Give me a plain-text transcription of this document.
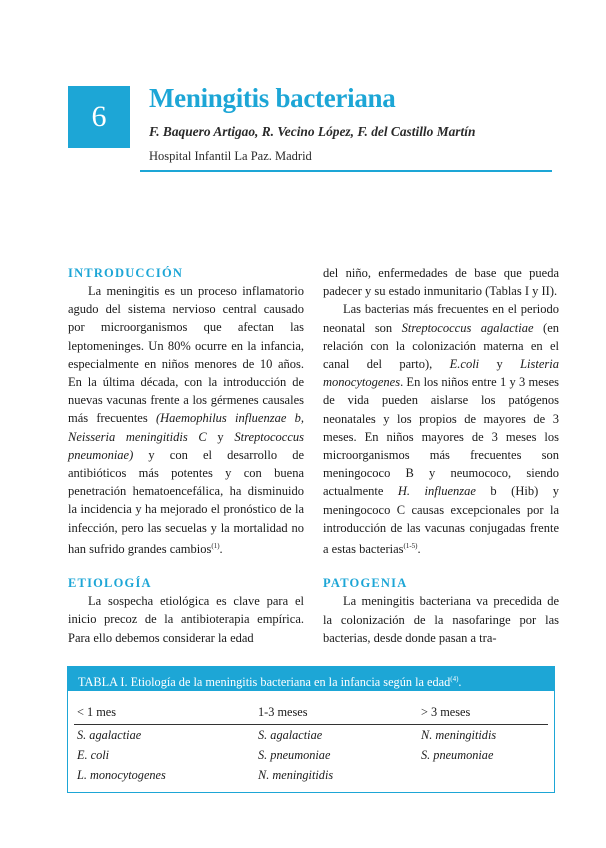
6
Meningitis bacteriana
F. Baquero Artigao, R. Vecino López, F. del Castillo Martín
Hospital Infantil La Paz. Madrid
INTRODUCCIÓN

La meningitis es un proceso inflamatorio agudo del sistema nervioso central causado por microorganismos que afectan las leptomeninges. Un 80% ocurre en la infancia, especialmente en niños menores de 10 años. En la última década, con la introducción de nuevas vacunas frente a los gérmenes causales más frecuentes (Haemophilus influenzae b, Neisseria meningitidis C y Streptococcus pneumoniae) y con el desarrollo de antibióticos más potentes y con buena penetración hematoencefálica, ha disminuido la incidencia y ha mejorado el pronóstico de la infección, pero las secuelas y la mortalidad no han sufrido grandes cambios$^{(1)}$.

ETIOLOGÍA

La sospecha etiológica es clave para el inicio precoz de la antibioterapia empírica. Para ello debemos considerar la edad

del niño, enfermedades de base que pueda padecer y su estado inmunitario (Tablas I y II).

Las bacterias más frecuentes en el periodo neonatal son Streptococcus agalactiae (en relación con la colonización materna en el canal del parto), E.coli y Listeria monocytogenes. En los niños entre 1 y 3 meses de vida pueden aislarse los patógenos neonatales y los propios de mayores de 3 meses. En niños mayores de 3 meses los microorganismos más frecuentes son meningococo B y neumococo, siendo actualmente H. influenzae b (Hib) y meningococo C causas excepcionales por la introducción de las vacunas conjugadas frente a estas bacterias$^{(1-5)}$.

PATOGENIA

La meningitis bacteriana va precedida de la colonización de la nasofaringe por las bacterias, desde donde pasan a tra-

TABLA I. Etiología de la meningitis bacteriana en la infancia según la edad$^{(4)}$.
< 1 mes	1-3 meses	> 3 meses
S. agalactiae	S. agalactiae	N. meningitidis
E. coli	S. pneumoniae	S. pneumoniae
L. monocytogenes	N. meningitidis
